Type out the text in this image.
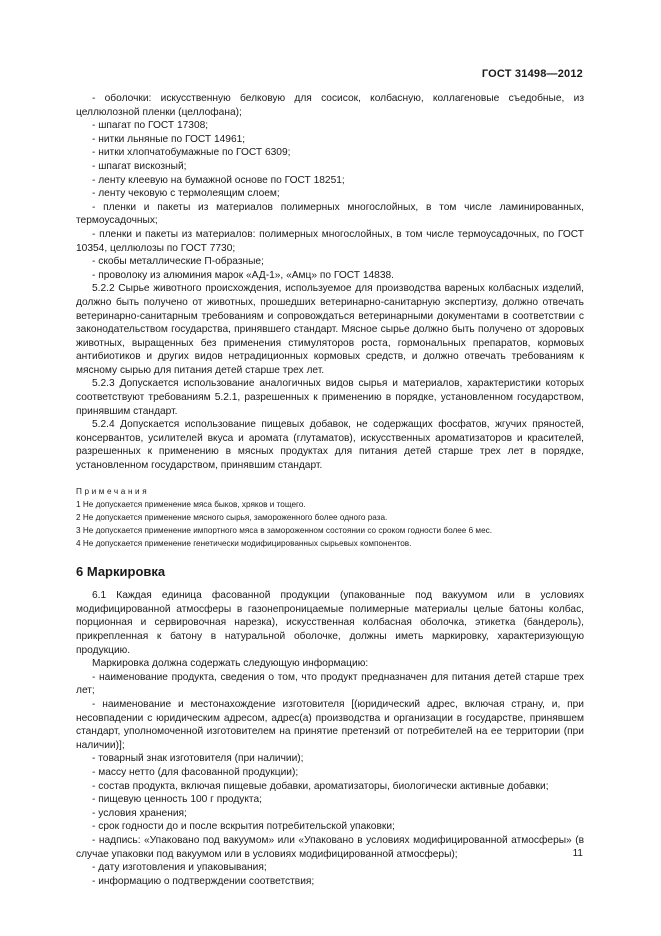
ГОСТ 31498—2012

- оболочки: искусственную белковую для сосисок, колбасную, коллагеновые съедобные, из целлюлозной пленки (целлофана);

- шпагат по ГОСТ 17308;

- нитки льняные по ГОСТ 14961;

- нитки хлопчатобумажные по ГОСТ 6309;

- шпагат вискозный;

- ленту клеевую на бумажной основе по ГОСТ 18251;

- ленту чековую с термолеящим слоем;

- пленки и пакеты из материалов полимерных многослойных, в том числе ламинированных, термоусадочных;

- пленки и пакеты из материалов: полимерных многослойных, в том числе термоусадочных, по ГОСТ 10354, целлюлозы по ГОСТ 7730;

- скобы металлические П-образные;

- проволоку из алюминия марок «АД-1», «Амц» по ГОСТ 14838.

5.2.2 Сырье животного происхождения, используемое для производства вареных колбасных изделий, должно быть получено от животных, прошедших ветеринарно-санитарную экспертизу, должно отвечать ветеринарно-санитарным требованиям и сопровождаться ветеринарными документами в соответствии с законодательством государства, принявшего стандарт. Мясное сырье должно быть получено от здоровых животных, выращенных без применения стимуляторов роста, гормональных препаратов, кормовых антибиотиков и других видов нетрадиционных кормовых средств, и должно отвечать требованиям к мясному сырью для питания детей старше трех лет.

5.2.3 Допускается использование аналогичных видов сырья и материалов, характеристики которых соответствуют требованиям 5.2.1, разрешенных к применению в порядке, установленном государством, принявшим стандарт.

5.2.4 Допускается использование пищевых добавок, не содержащих фосфатов, жгучих пряностей, консервантов, усилителей вкуса и аромата (глутаматов), искусственных ароматизаторов и красителей, разрешенных к применению в мясных продуктах для питания детей старше трех лет в порядке, установленном государством, принявшим стандарт.

Примечания

1 Не допускается применение мяса быков, хряков и тощего.

2 Не допускается применение мясного сырья, замороженного более одного раза.

3 Не допускается применение импортного мяса в замороженном состоянии со сроком годности более 6 мес.

4 Не допускается применение генетически модифицированных сырьевых компонентов.

6 Маркировка

6.1 Каждая единица фасованной продукции (упакованные под вакуумом или в условиях модифицированной атмосферы в газонепроницаемые полимерные материалы целые батоны колбас, порционная и сервировочная нарезка), искусственная колбасная оболочка, этикетка (бандероль), прикрепленная к батону в натуральной оболочке, должны иметь маркировку, характеризующую продукцию.

Маркировка должна содержать следующую информацию:

- наименование продукта, сведения о том, что продукт предназначен для питания детей старше трех лет;

- наименование и местонахождение изготовителя [(юридический адрес, включая страну, и, при несовпадении с юридическим адресом, адрес(а) производства и организации в государстве, принявшем стандарт, уполномоченной изготовителем на принятие претензий от потребителей на ее территории (при наличии)];

- товарный знак изготовителя (при наличии);

- массу нетто (для фасованной продукции);

- состав продукта, включая пищевые добавки, ароматизаторы, биологически активные добавки;

- пищевую ценность 100 г продукта;

- условия хранения;

- срок годности до и после вскрытия потребительской упаковки;

- надпись: «Упаковано под вакуумом» или «Упаковано в условиях модифицированной атмосферы» (в случае упаковки под вакуумом или в условиях модифицированной атмосферы);

- дату изготовления и упаковывания;

- информацию о подтверждении соответствия;

11
